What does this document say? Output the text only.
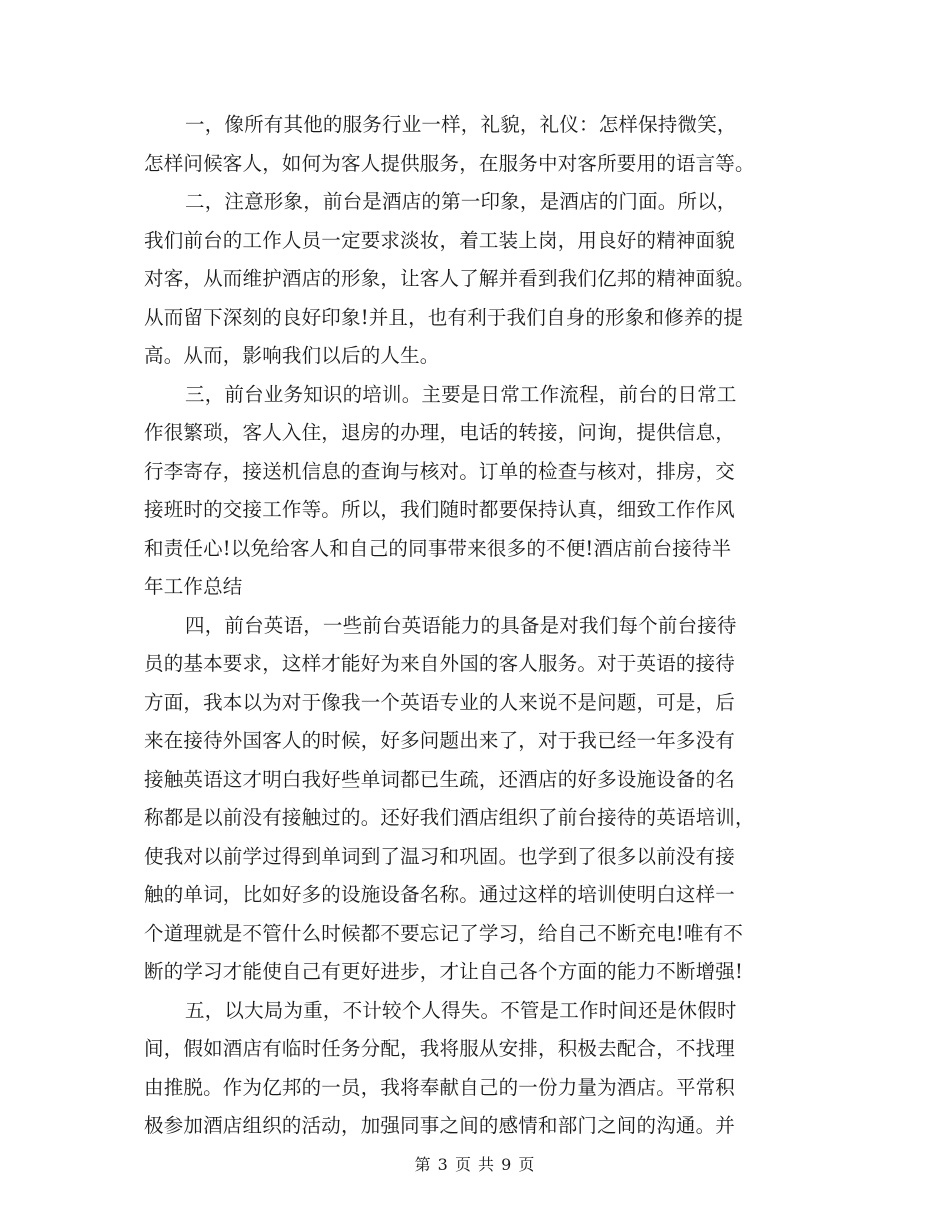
一，像所有其他的服务行业一样，礼貌，礼仪：怎样保持微笑，
怎样问候客人，如何为客人提供服务，在服务中对客所要用的语言等。
二，注意形象，前台是酒店的第一印象，是酒店的门面。所以，
我们前台的工作人员一定要求淡妆，着工装上岗，用良好的精神面貌
对客，从而维护酒店的形象，让客人了解并看到我们亿邦的精神面貌。
从而留下深刻的良好印象!并且，也有利于我们自身的形象和修养的提
高。从而，影响我们以后的人生。
三，前台业务知识的培训。主要是日常工作流程，前台的日常工
作很繁琐，客人入住，退房的办理，电话的转接，问询，提供信息，
行李寄存，接送机信息的查询与核对。订单的检查与核对，排房，交
接班时的交接工作等。所以，我们随时都要保持认真，细致工作作风
和责任心!以免给客人和自己的同事带来很多的不便!酒店前台接待半
年工作总结
四，前台英语，一些前台英语能力的具备是对我们每个前台接待
员的基本要求，这样才能好为来自外国的客人服务。对于英语的接待
方面，我本以为对于像我一个英语专业的人来说不是问题，可是，后
来在接待外国客人的时候，好多问题出来了，对于我已经一年多没有
接触英语这才明白我好些单词都已生疏，还酒店的好多设施设备的名
称都是以前没有接触过的。还好我们酒店组织了前台接待的英语培训，
使我对以前学过得到单词到了温习和巩固。也学到了很多以前没有接
触的单词，比如好多的设施设备名称。通过这样的培训使明白这样一
个道理就是不管什么时候都不要忘记了学习，给自己不断充电!唯有不
断的学习才能使自己有更好进步，才让自己各个方面的能力不断增强!
五，以大局为重，不计较个人得失。不管是工作时间还是休假时
间，假如酒店有临时任务分配，我将服从安排，积极去配合，不找理
由推脱。作为亿邦的一员，我将奉献自己的一份力量为酒店。平常积
极参加酒店组织的活动，加强同事之间的感情和部门之间的沟通。并
第 3 页 共 9 页
